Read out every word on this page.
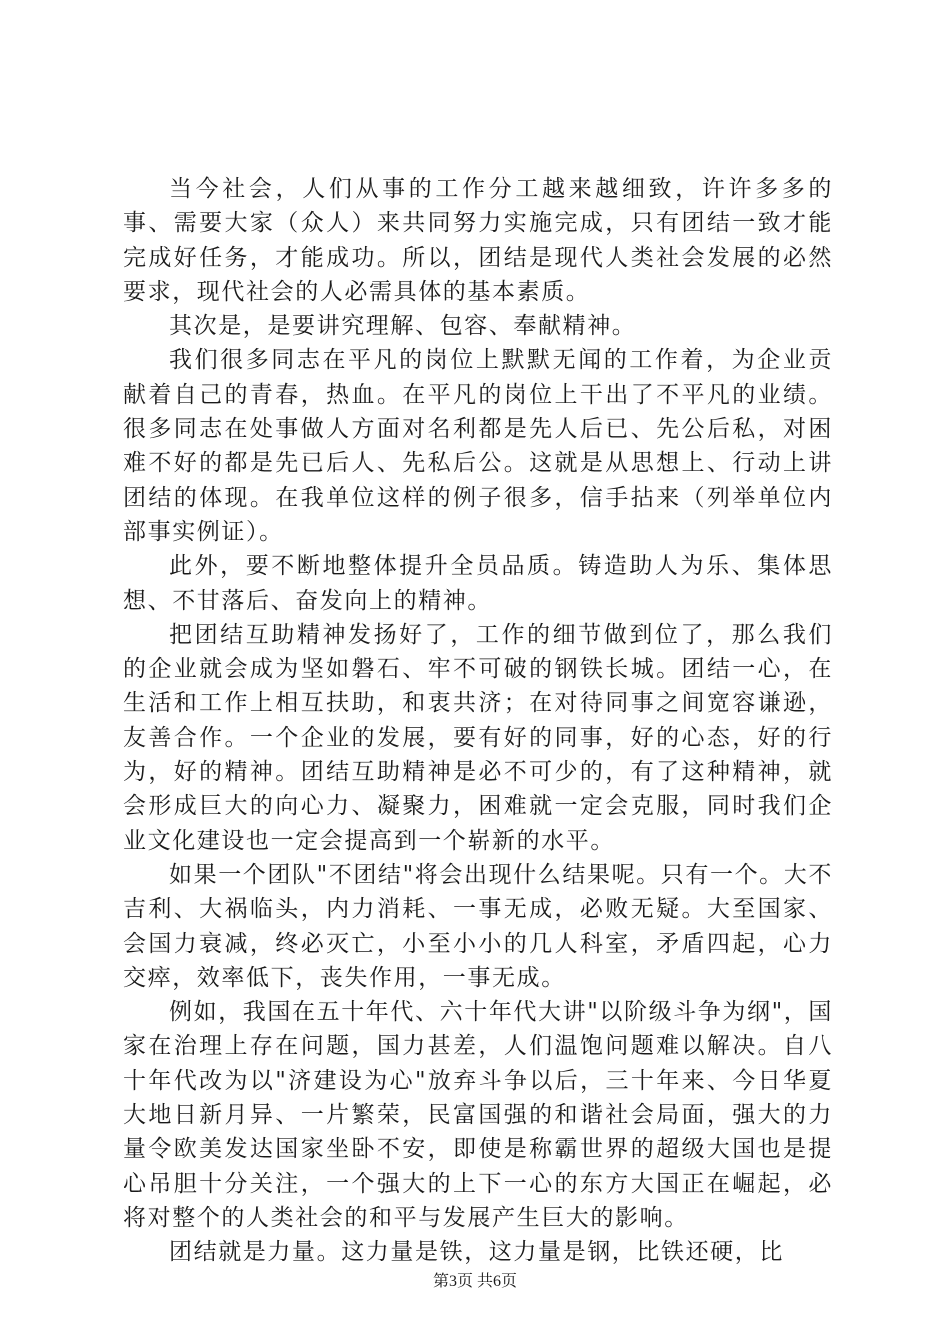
当今社会，人们从事的工作分工越来越细致，许许多多的事、需要大家（众人）来共同努力实施完成，只有团结一致才能完成好任务，才能成功。所以，团结是现代人类社会发展的必然要求，现代社会的人必需具体的基本素质。

其次是，是要讲究理解、包容、奉献精神。

我们很多同志在平凡的岗位上默默无闻的工作着，为企业贡献着自己的青春，热血。在平凡的岗位上干出了不平凡的业绩。很多同志在处事做人方面对名利都是先人后已、先公后私，对困难不好的都是先已后人、先私后公。这就是从思想上、行动上讲团结的体现。在我单位这样的例子很多，信手拈来（列举单位内部事实例证）。

此外，要不断地整体提升全员品质。铸造助人为乐、集体思想、不甘落后、奋发向上的精神。

把团结互助精神发扬好了，工作的细节做到位了，那么我们的企业就会成为坚如磐石、牢不可破的钢铁长城。团结一心，在生活和工作上相互扶助，和衷共济；在对待同事之间宽容谦逊，友善合作。一个企业的发展，要有好的同事，好的心态，好的行为，好的精神。团结互助精神是必不可少的，有了这种精神，就会形成巨大的向心力、凝聚力，困难就一定会克服，同时我们企业文化建设也一定会提高到一个崭新的水平。

如果一个团队"不团结"将会出现什么结果呢。只有一个。大不吉利、大祸临头，内力消耗、一事无成，必败无疑。大至国家、会国力衰减，终必灭亡，小至小小的几人科室，矛盾四起，心力交瘁，效率低下，丧失作用，一事无成。

例如，我国在五十年代、六十年代大讲"以阶级斗争为纲"，国家在治理上存在问题，国力甚差，人们温饱问题难以解决。自八十年代改为以"济建设为心"放弃斗争以后，三十年来、今日华夏大地日新月异、一片繁荣，民富国强的和谐社会局面，强大的力量令欧美发达国家坐卧不安，即使是称霸世界的超级大国也是提心吊胆十分关注，一个强大的上下一心的东方大国正在崛起，必将对整个的人类社会的和平与发展产生巨大的影响。

团结就是力量。这力量是铁，这力量是钢，比铁还硬，比

第3页 共6页
